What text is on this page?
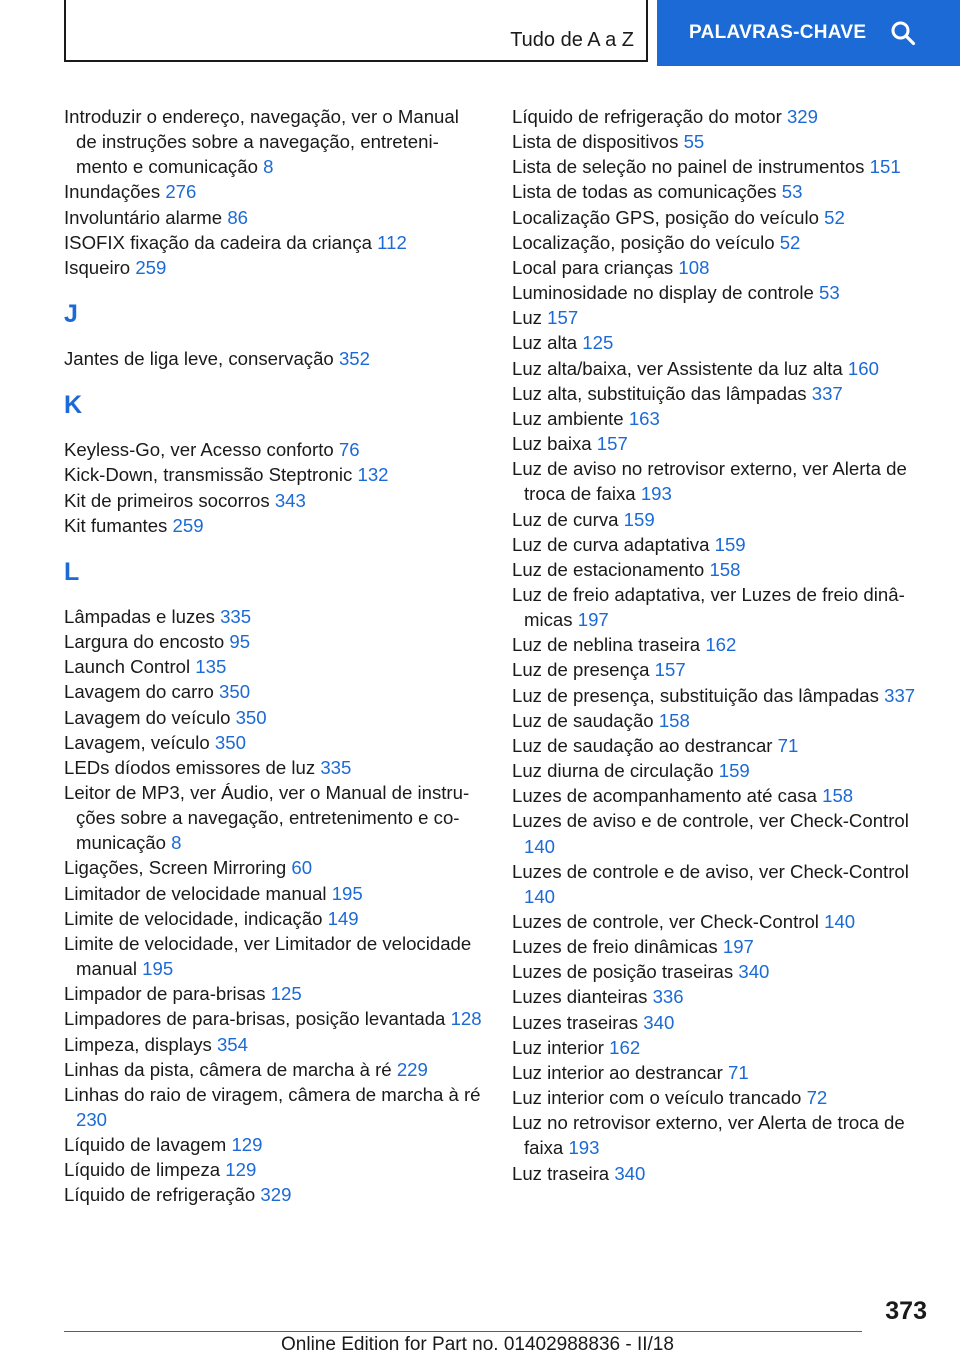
Tudo de A a Z	PALAVRAS-CHAVE
Introduzir o endereço, navegação, ver o Manual de instruções sobre a navegação, entretenimento e comunicação 8
Inundações 276
Involuntário alarme 86
ISOFIX fixação da cadeira da criança 112
Isqueiro 259
J
Jantes de liga leve, conservação 352
K
Keyless-Go, ver Acesso conforto 76
Kick-Down, transmissão Steptronic 132
Kit de primeiros socorros 343
Kit fumantes 259
L
Lâmpadas e luzes 335
Largura do encosto 95
Launch Control 135
Lavagem do carro 350
Lavagem do veículo 350
Lavagem, veículo 350
LEDs díodos emissores de luz 335
Leitor de MP3, ver Áudio, ver o Manual de instruções sobre a navegação, entretenimento e comunicação 8
Ligações, Screen Mirroring 60
Limitador de velocidade manual 195
Limite de velocidade, indicação 149
Limite de velocidade, ver Limitador de velocidade manual 195
Limpador de para-brisas 125
Limpadores de para-brisas, posição levantada 128
Limpeza, displays 354
Linhas da pista, câmera de marcha à ré 229
Linhas do raio de viragem, câmera de marcha à ré 230
Líquido de lavagem 129
Líquido de limpeza 129
Líquido de refrigeração 329
Líquido de refrigeração do motor 329
Lista de dispositivos 55
Lista de seleção no painel de instrumentos 151
Lista de todas as comunicações 53
Localização GPS, posição do veículo 52
Localização, posição do veículo 52
Local para crianças 108
Luminosidade no display de controle 53
Luz 157
Luz alta 125
Luz alta/baixa, ver Assistente da luz alta 160
Luz alta, substituição das lâmpadas 337
Luz ambiente 163
Luz baixa 157
Luz de aviso no retrovisor externo, ver Alerta de troca de faixa 193
Luz de curva 159
Luz de curva adaptativa 159
Luz de estacionamento 158
Luz de freio adaptativa, ver Luzes de freio dinâmicas 197
Luz de neblina traseira 162
Luz de presença 157
Luz de presença, substituição das lâmpadas 337
Luz de saudação 158
Luz de saudação ao destrancar 71
Luz diurna de circulação 159
Luzes de acompanhamento até casa 158
Luzes de aviso e de controle, ver Check-Control 140
Luzes de controle e de aviso, ver Check-Control 140
Luzes de controle, ver Check-Control 140
Luzes de freio dinâmicas 197
Luzes de posição traseiras 340
Luzes dianteiras 336
Luzes traseiras 340
Luz interior 162
Luz interior ao destrancar 71
Luz interior com o veículo trancado 72
Luz no retrovisor externo, ver Alerta de troca de faixa 193
Luz traseira 340
373
Online Edition for Part no. 01402988836 - II/18
